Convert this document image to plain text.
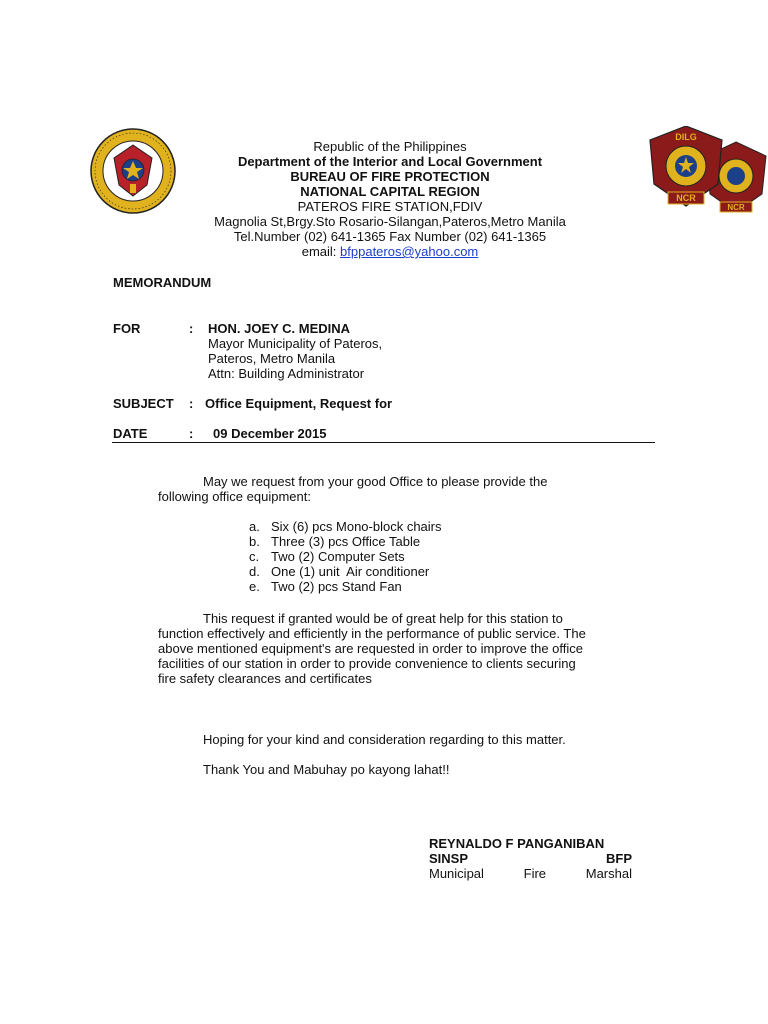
NCR
DILG
NCR
Republic of the Philippines
Department of the Interior and Local Government
BUREAU OF FIRE PROTECTION
NATIONAL CAPITAL REGION
PATEROS FIRE STATION,FDIV
Magnolia St,Brgy.Sto Rosario-Silangan,Pateros,Metro Manila
Tel.Number (02) 641-1365 Fax Number (02) 641-1365
email: bfppateros@yahoo.com
MEMORANDUM
FOR	: HON. JOEY C. MEDINA
Mayor Municipality of Pateros,
Pateros, Metro Manila
Attn: Building Administrator
SUBJECT : Office Equipment, Request for
DATE	: 09 December 2015
May we request from your good Office to please provide the
following office equipment:
a. Six (6) pcs Mono-block chairs
b. Three (3) pcs Office Table
c. Two (2) Computer Sets
d. One (1) unit  Air conditioner
e. Two (2) pcs Stand Fan
This request if granted would be of great help for this station to
function effectively and efficiently in the performance of public service. The
above mentioned equipment's are requested in order to improve the office
facilities of our station in order to provide convenience to clients securing
fire safety clearances and certificates
Hoping for your kind and consideration regarding to this matter.
Thank You and Mabuhay po kayong lahat!!
REYNALDO F PANGANIBAN
SINSP	BFP
Municipal	Fire	Marshal
